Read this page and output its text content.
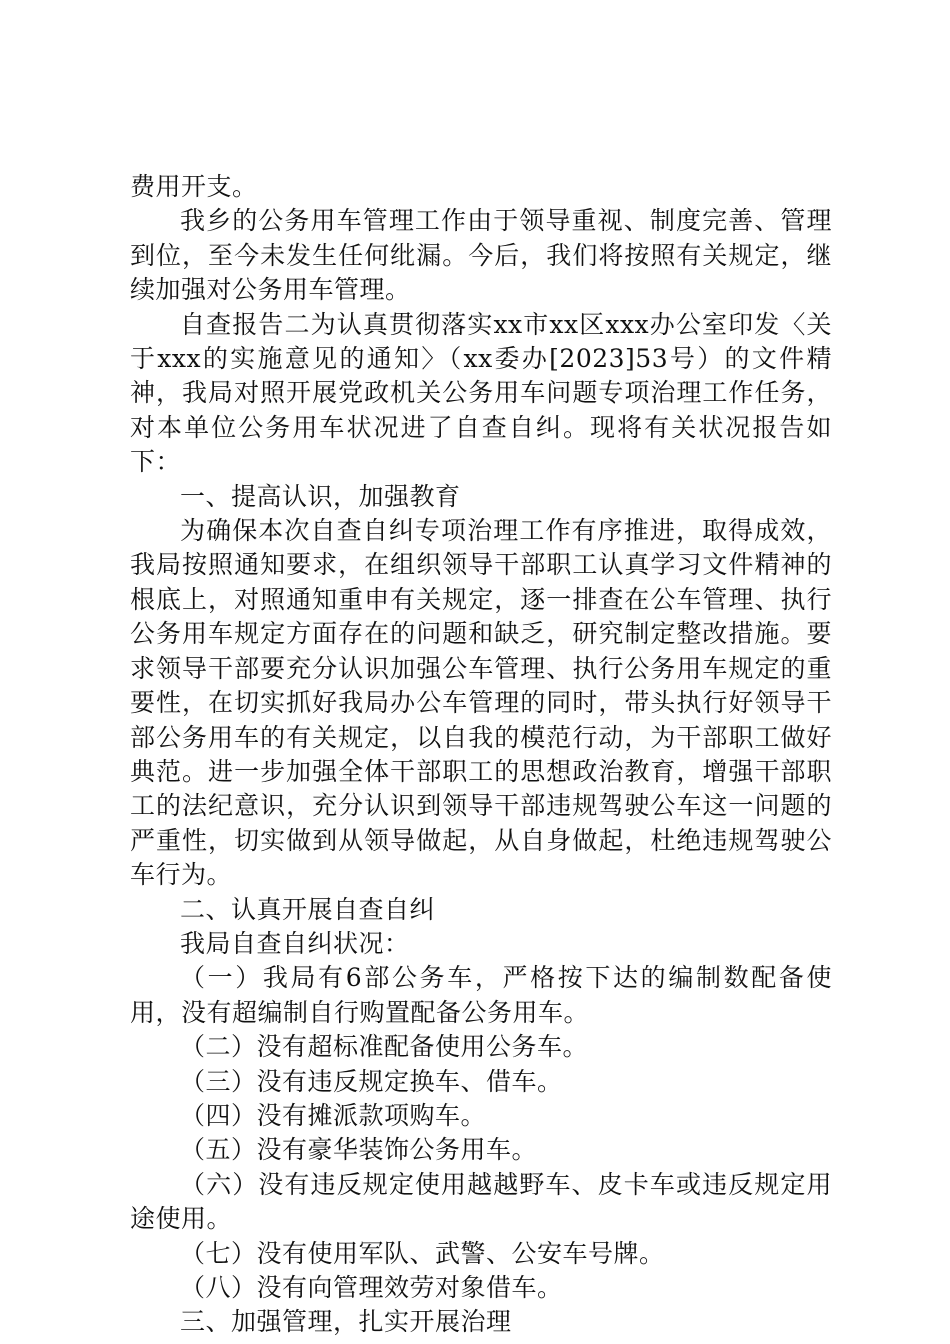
费用开支。

我乡的公务用车管理工作由于领导重视、制度完善、管理到位，至今未发生任何纰漏。今后，我们将按照有关规定，继续加强对公务用车管理。

自查报告二为认真贯彻落实xx市xx区xxx办公室印发〈关于xxx的实施意见的通知〉（xx委办[2023]53号）的文件精神，我局对照开展党政机关公务用车问题专项治理工作任务，对本单位公务用车状况进了自查自纠。现将有关状况报告如下：

一、提高认识，加强教育

为确保本次自查自纠专项治理工作有序推进，取得成效，我局按照通知要求，在组织领导干部职工认真学习文件精神的根底上，对照通知重申有关规定，逐一排查在公车管理、执行公务用车规定方面存在的问题和缺乏，研究制定整改措施。要求领导干部要充分认识加强公车管理、执行公务用车规定的重要性，在切实抓好我局办公车管理的同时，带头执行好领导干部公务用车的有关规定，以自我的模范行动，为干部职工做好典范。进一步加强全体干部职工的思想政治教育，增强干部职工的法纪意识，充分认识到领导干部违规驾驶公车这一问题的严重性，切实做到从领导做起，从自身做起，杜绝违规驾驶公车行为。

二、认真开展自查自纠

我局自查自纠状况：

（一）我局有6部公务车，严格按下达的编制数配备使用，没有超编制自行购置配备公务用车。

（二）没有超标准配备使用公务车。

（三）没有违反规定换车、借车。

（四）没有摊派款项购车。

（五）没有豪华装饰公务用车。

（六）没有违反规定使用越越野车、皮卡车或违反规定用途使用。

（七）没有使用军队、武警、公安车号牌。

（八）没有向管理效劳对象借车。

三、加强管理，扎实开展治理
